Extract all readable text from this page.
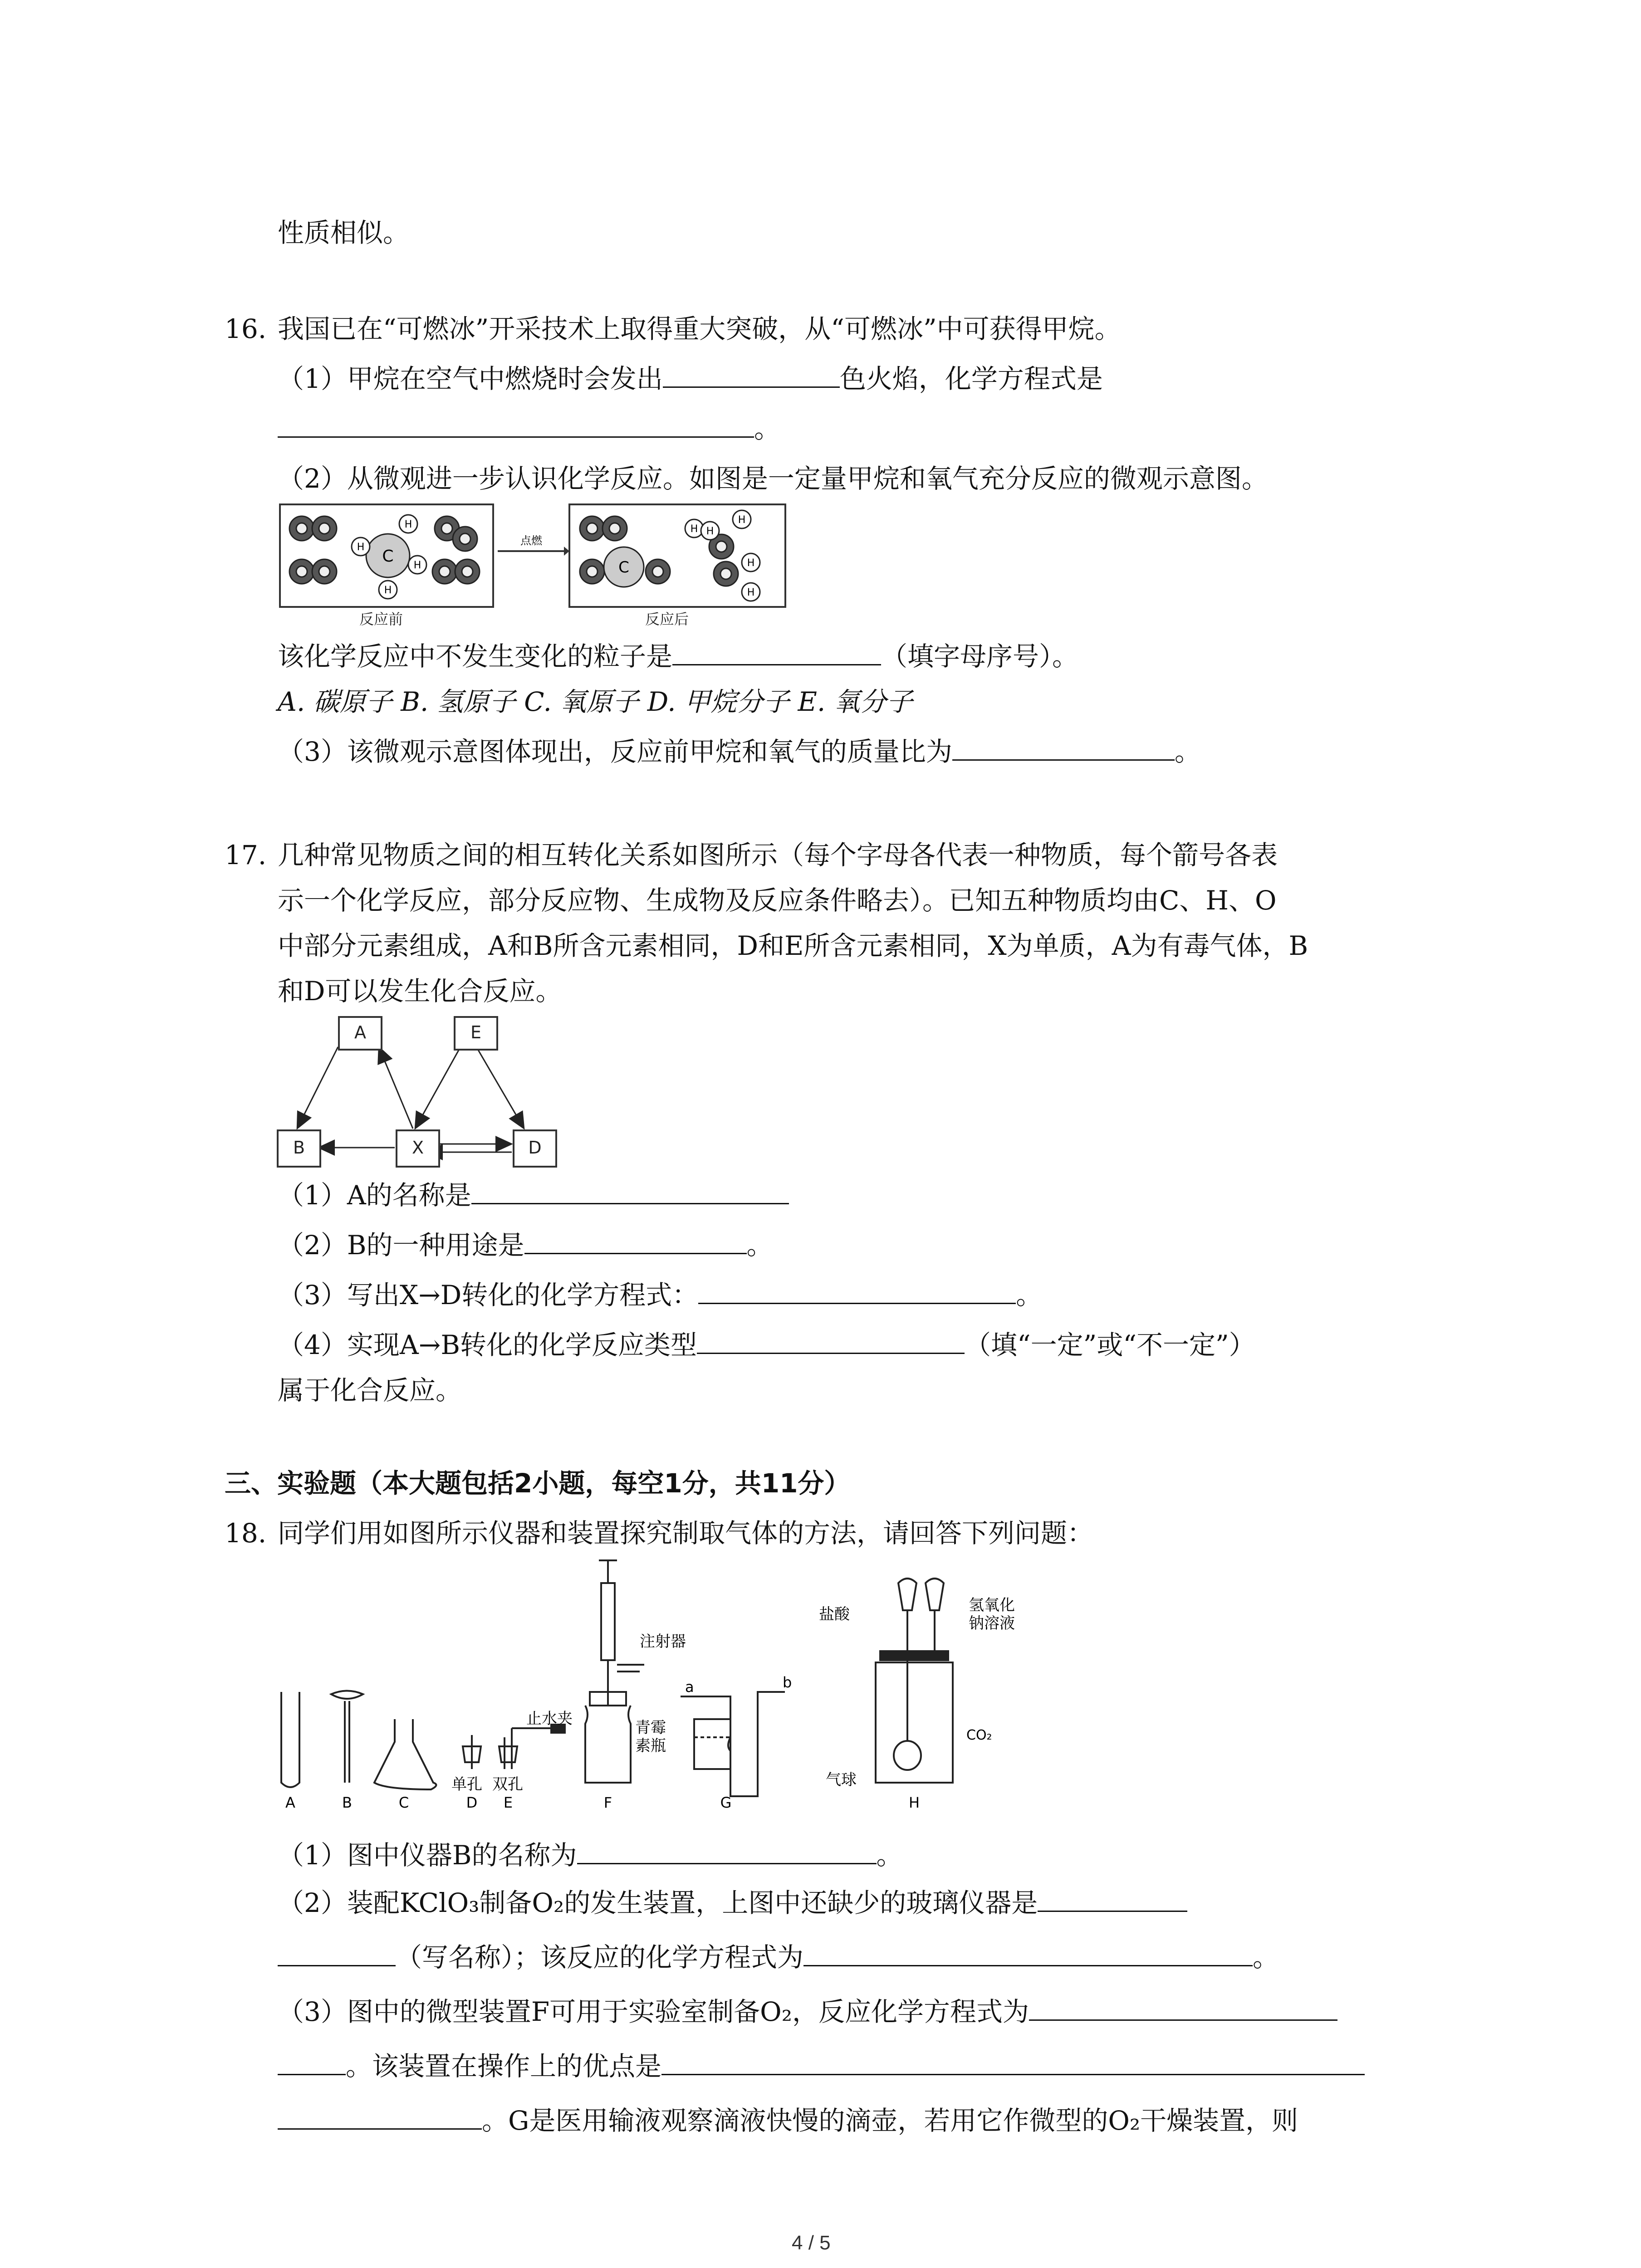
性质相似。
16. 我国已在“可燃冰”开采技术上取得重大突破，从“可燃冰”中可获得甲烷。
（1）甲烷在空气中燃烧时会发出	色火焰，化学方程式是
。
（2）从微观进一步认识化学反应。如图是一定量甲烷和氧气充分反应的微观示意图。
C
H
H
H
H
点燃
C
H H
H
H
H
反应前	反应后
该化学反应中不发生变化的粒子是	（填字母序号）。
A. 碳原子 B. 氢原子 C. 氧原子 D. 甲烷分子 E. 氧分子
（3）该微观示意图体现出，反应前甲烷和氧气的质量比为	。
17. 几种常见物质之间的相互转化关系如图所示（每个字母各代表一种物质，每个箭号各表
示一个化学反应，部分反应物、生成物及反应条件略去）。已知五种物质均由C、H、O
中部分元素组成，A和B所含元素相同，D和E所含元素相同，X为单质，A为有毒气体，B
和D可以发生化合反应。
A	E
B	X	D
（1）A的名称是
（2）B的一种用途是	。
（3）写出X→D转化的化学方程式：	。
（4）实现A→B转化的化学反应类型	（填“一定”或“不一定”）
属于化合反应。
三、实验题（本大题包括2小题，每空1分，共11分）
18. 同学们用如图所示仪器和装置探究制取气体的方法，请回答下列问题：
止水夹
注射器
青霉
素瓶
单孔 双孔
a	b
盐酸	氢氧化
钠溶液
CO₂
气球
A	B	C	D E	F	G	H
（1）图中仪器B的名称为	。
（2）装配KClO₃制备O₂的发生装置，上图中还缺少的玻璃仪器是
（写名称）；该反应的化学方程式为	。
（3）图中的微型装置F可用于实验室制备O₂，反应化学方程式为
。该装置在操作上的优点是
。G是医用输液观察滴液快慢的滴壶，若用它作微型的O₂干燥装置，则
4 / 5
